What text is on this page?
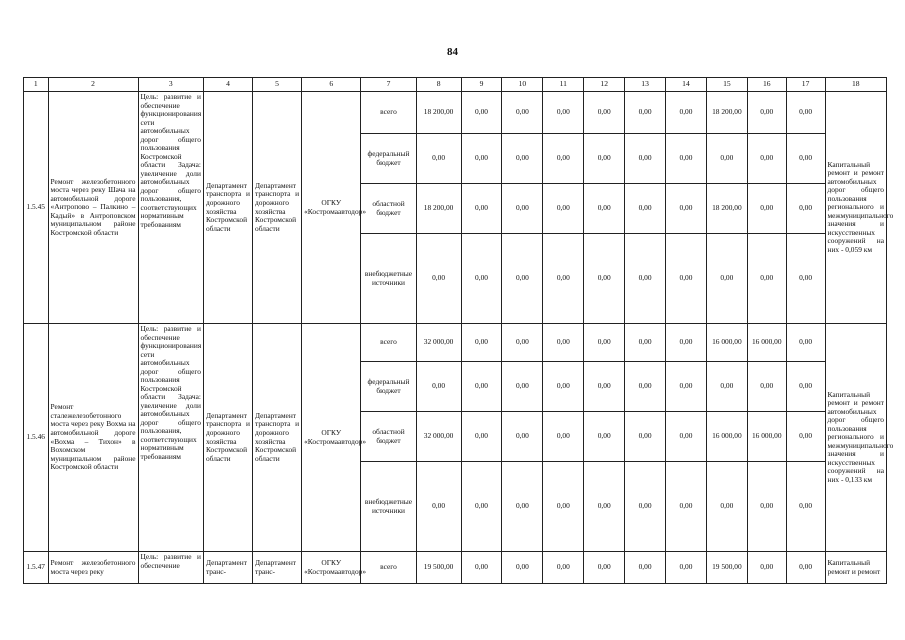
84
1	2	3	4	5	6	7	8	9	10	11	12	13	14	15	16	17	18
1.5.45	Ремонт железобетонного моста через реку Шача на автомобильной дороге «Антропово – Палкино – Кадый» в Антроповском муниципальном районе Костромской области	Цель: развитие и обеспечение функционирования сети автомобильных дорог общего пользования Костромской области Задача: увеличение доли автомобильных дорог общего пользования, соответствующих нормативным требованиям	Департамент транспорта и дорожного хозяйства Костромской области	Департамент транспорта и дорожного хозяйства Костромской области	ОГКУ «Костромаавтодор»	всего	18 200,00	0,00	0,00	0,00	0,00	0,00	0,00	18 200,00	0,00	0,00	Капитальный ремонт и ремонт автомобильных дорог общего пользования регионального и межмуниципального значения и искусственных сооружений на них - 0,059 км
						федеральный бюджет	0,00	0,00	0,00	0,00	0,00	0,00	0,00	0,00	0,00	0,00	
						областной бюджет	18 200,00	0,00	0,00	0,00	0,00	0,00	0,00	18 200,00	0,00	0,00	
						внебюджетные источники	0,00	0,00	0,00	0,00	0,00	0,00	0,00	0,00	0,00	0,00	
1.5.46	Ремонт сталежелезобетонного моста через реку Вохма на автомобильной дороге «Вохма – Тихон» в Вохомском муниципальном районе Костромской области	Цель: развитие и обеспечение функционирования сети автомобильных дорог общего пользования Костромской области Задача: увеличение доли автомобильных дорог общего пользования, соответствующих нормативным требованиям	Департамент транспорта и дорожного хозяйства Костромской области	Департамент транспорта и дорожного хозяйства Костромской области	ОГКУ «Костромаавтодор»	всего	32 000,00	0,00	0,00	0,00	0,00	0,00	0,00	16 000,00	16 000,00	0,00	Капитальный ремонт и ремонт автомобильных дорог общего пользования регионального и межмуниципального значения и искусственных сооружений на них - 0,133 км
						федеральный бюджет	0,00	0,00	0,00	0,00	0,00	0,00	0,00	0,00	0,00	0,00	
						областной бюджет	32 000,00	0,00	0,00	0,00	0,00	0,00	0,00	16 000,00	16 000,00	0,00	
						внебюджетные источники	0,00	0,00	0,00	0,00	0,00	0,00	0,00	0,00	0,00	0,00	
1.5.47	Ремонт железобетонного моста через реку	Цель: развитие и обеспечение	Департамент транс-	Департамент транс-	ОГКУ «Костромаавтодор»	всего	19 500,00	0,00	0,00	0,00	0,00	0,00	0,00	19 500,00	0,00	0,00	Капитальный ремонт и ремонт
